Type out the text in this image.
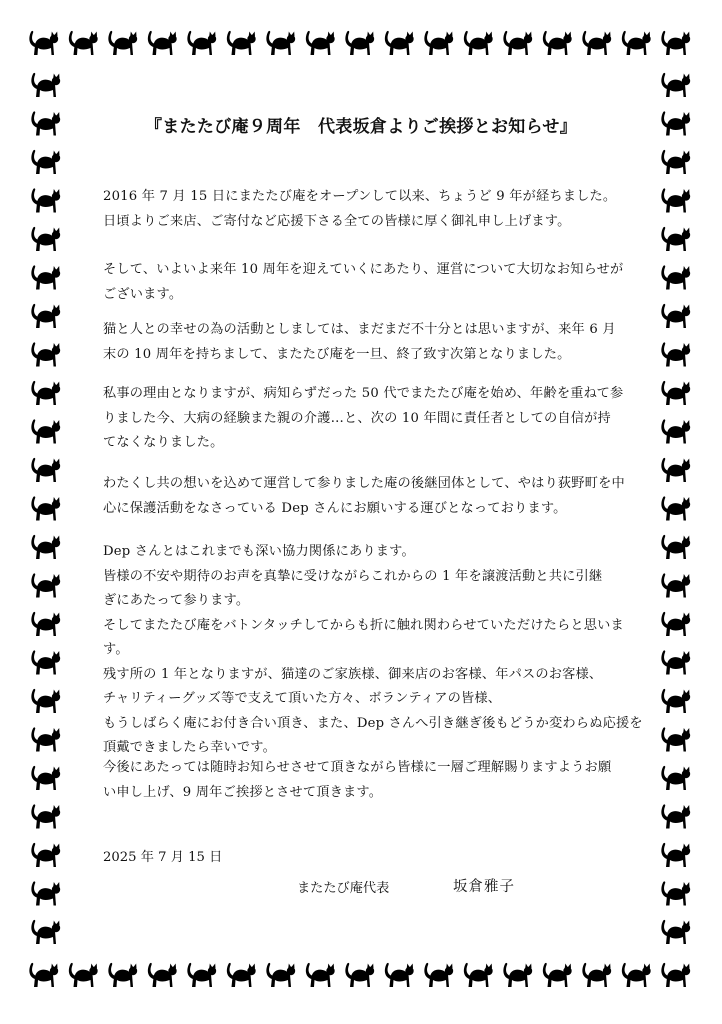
『またたび庵９周年　代表坂倉よりご挨拶とお知らせ』
2016 年 7 月 15 日にまたたび庵をオープンして以来、ちょうど 9 年が経ちました。
日頃よりご来店、ご寄付など応援下さる全ての皆様に厚く御礼申し上げます。
そして、いよいよ来年 10 周年を迎えていくにあたり、運営について大切なお知らせが
ございます。
猫と人との幸せの為の活動としましては、まだまだ不十分とは思いますが、来年 6 月
末の 10 周年を持ちまして、またたび庵を一旦、終了致す次第となりました。
私事の理由となりますが、病知らずだった 50 代でまたたび庵を始め、年齢を重ねて参
りました今、大病の経験また親の介護…と、次の 10 年間に責任者としての自信が持
てなくなりました。
わたくし共の想いを込めて運営して参りました庵の後継団体として、やはり荻野町を中
心に保護活動をなさっている Dep さんにお願いする運びとなっております。
Dep さんとはこれまでも深い協力関係にあります。
皆様の不安や期待のお声を真摯に受けながらこれからの 1 年を譲渡活動と共に引継
ぎにあたって参ります。
そしてまたたび庵をバトンタッチしてからも折に触れ関わらせていただけたらと思いま
す。
残す所の 1 年となりますが、猫達のご家族様、御来店のお客様、年パスのお客様、
チャリティーグッズ等で支えて頂いた方々、ボランティアの皆様、
もうしばらく庵にお付き合い頂き、また、Dep さんへ引き継ぎ後もどうか変わらぬ応援を
頂戴できましたら幸いです。
今後にあたっては随時お知らせさせて頂きながら皆様に一層ご理解賜りますようお願
い申し上げ、9 周年ご挨拶とさせて頂きます。
2025 年 7 月 15 日
またたび庵代表	坂倉雅子
